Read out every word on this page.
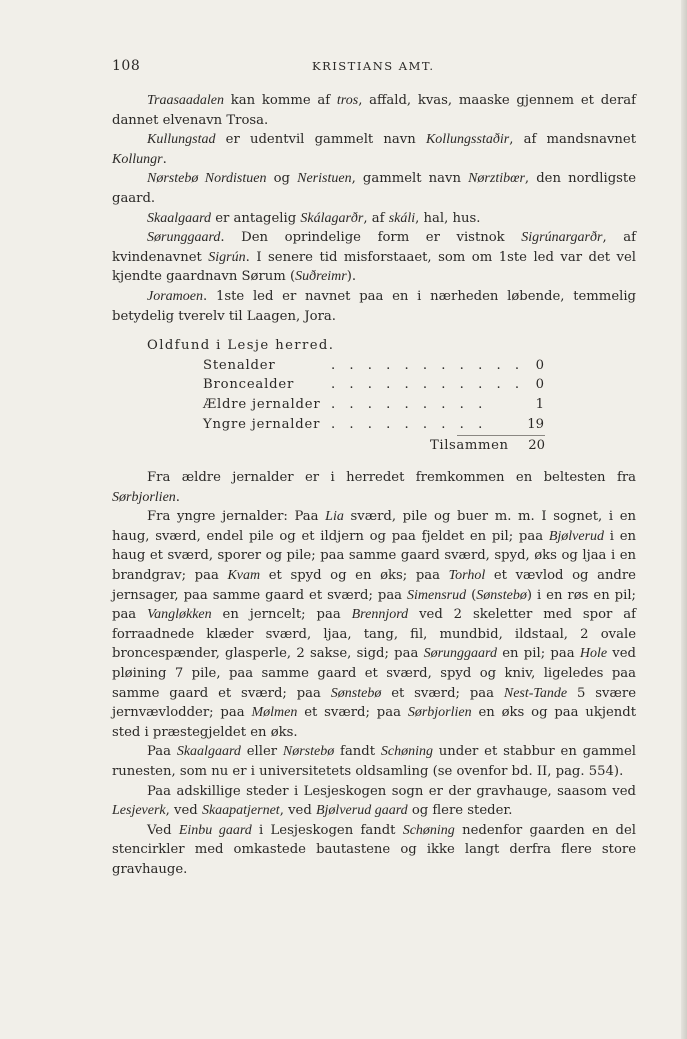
108	KRISTIANS AMT.

Traasaadalen kan komme af tros, affald, kvas, maaske gjennem et deraf dannet elvenavn Trosa.

Kullungstad er udentvil gammelt navn Kollungsstaðir, af mandsnavnet Kollungr.

Nørstebø Nordistuen og Neristuen, gammelt navn Nørztibœr, den nordligste gaard.

Skaalgaard er antagelig Skálagarðr, af skáli, hal, hus.

Sørunggaard. Den oprindelige form er vistnok Sigrúnargarðr, af kvindenavnet Sigrún. I senere tid misforstaaet, som om 1ste led var det vel kjendte gaardnavn Sørum (Suðreimr).

Joramoen. 1ste led er navnet paa en i nærheden løbende, temmelig betydelig tverelv til Laagen, Jora.

Oldfund i Lesje herred.
Stenalder	. . . . . . . . . . . 0
Broncealder	. . . . . . . . . . . 0
Ældre jernalder . . . . . . . . .	1
Yngre jernalder . . . . . . . . .	19
Tilsammen 20

Fra ældre jernalder er i herredet fremkommen en beltesten fra Sørbjorlien.

Fra yngre jernalder: Paa Lia sværd, pile og buer m. m. I sognet, i en haug, sværd, endel pile og et ildjern og paa fjeldet en pil; paa Bjølverud i en haug et sværd, sporer og pile; paa samme gaard sværd, spyd, øks og ljaa i en brandgrav; paa Kvam et spyd og en øks; paa Torhol et vævlod og andre jernsager, paa samme gaard et sværd; paa Simensrud (Sønstebø) i en røs en pil; paa Vangløkken en jerncelt; paa Brennjord ved 2 skeletter med spor af forraadnede klæder sværd, ljaa, tang, fil, mundbid, ildstaal, 2 ovale broncespænder, glasperle, 2 sakse, sigd; paa Sørunggaard en pil; paa Hole ved pløining 7 pile, paa samme gaard et sværd, spyd og kniv, ligeledes paa samme gaard et sværd; paa Sønstebø et sværd; paa Nest-Tande 5 svære jernvævlodder; paa Mølmen et sværd; paa Sørbjorlien en øks og paa ukjendt sted i præstegjeldet en øks.

Paa Skaalgaard eller Nørstebø fandt Schøning under et stabbur en gammel runesten, som nu er i universitetets oldsamling (se ovenfor bd. II, pag. 554).

Paa adskillige steder i Lesjeskogen sogn er der gravhauge, saasom ved Lesjeverk, ved Skaapatjernet, ved Bjølverud gaard og flere steder.

Ved Einbu gaard i Lesjeskogen fandt Schøning nedenfor gaarden en del stencirkler med omkastede bautastene og ikke langt derfra flere store gravhauge.
